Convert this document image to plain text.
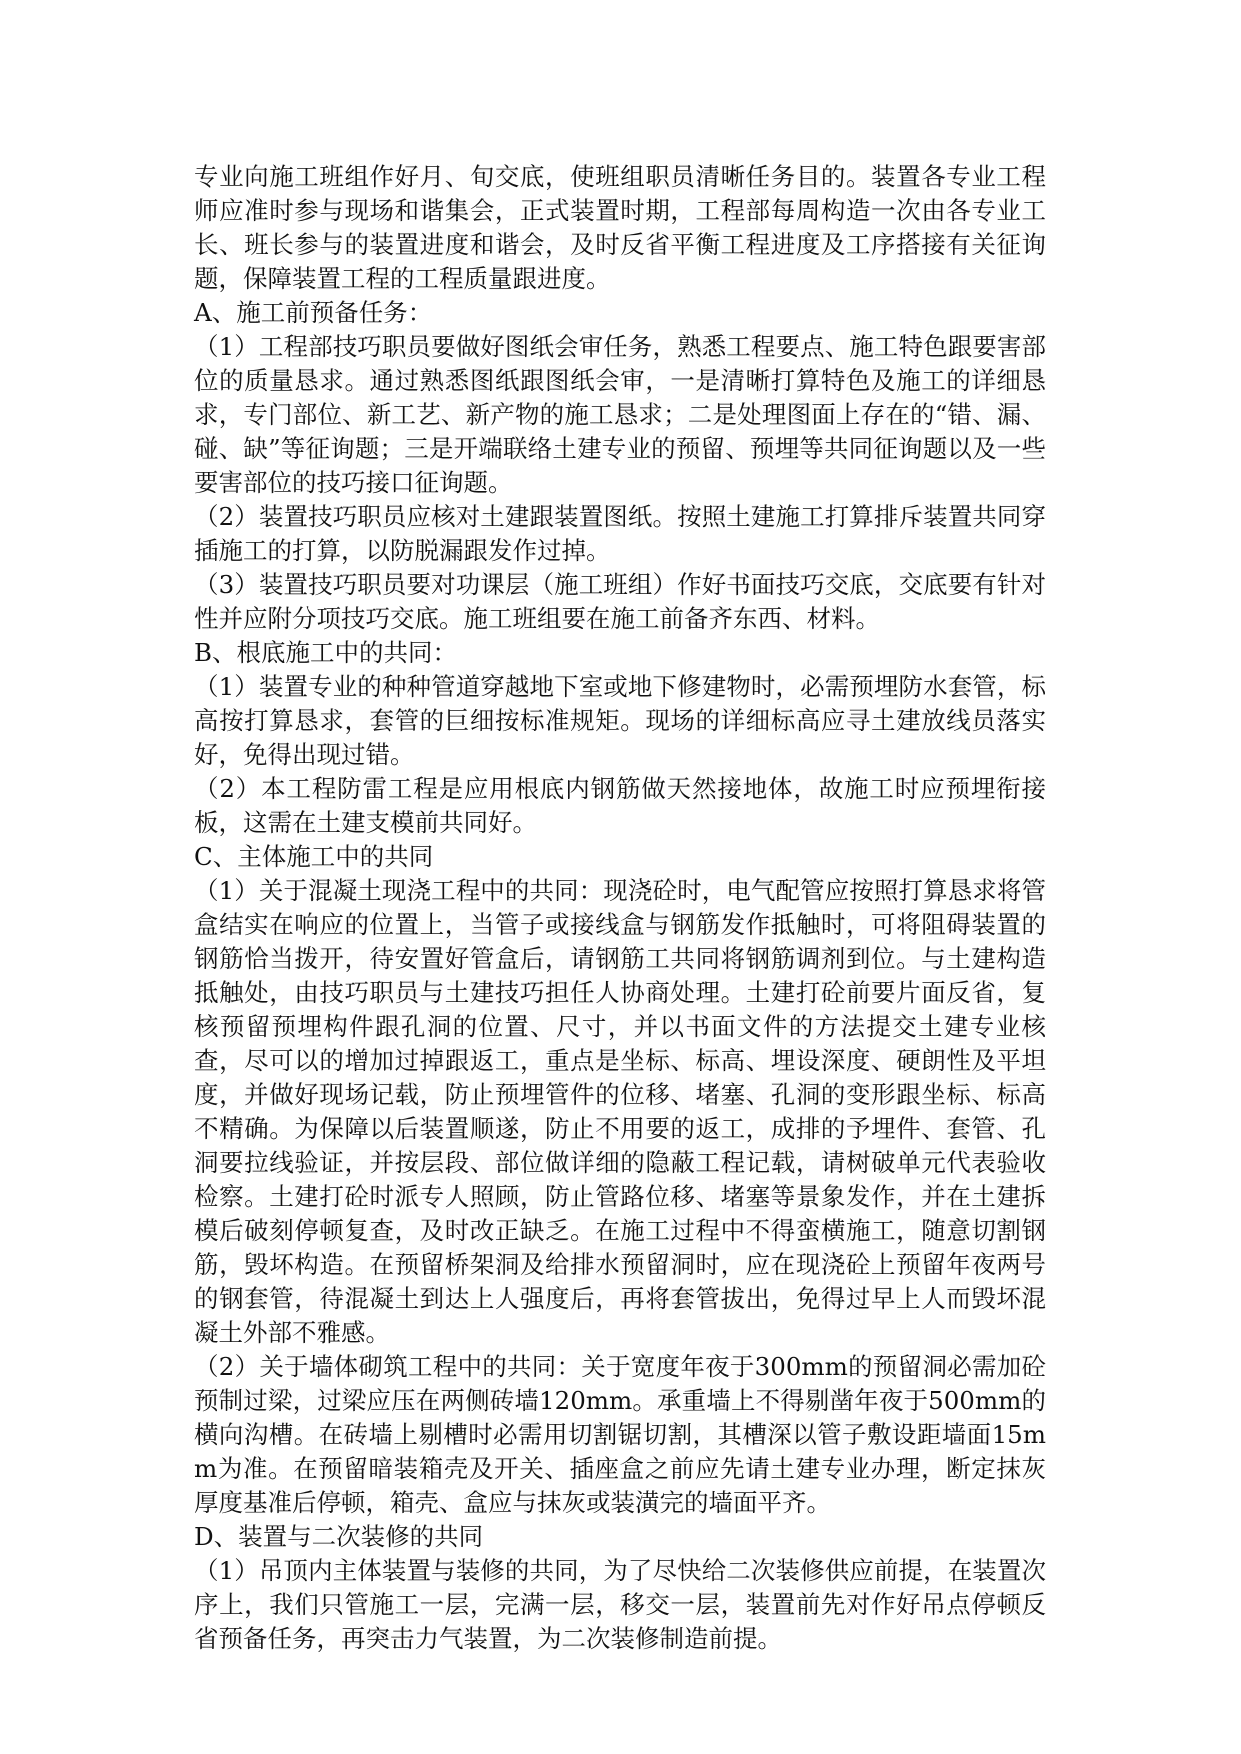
专业向施工班组作好月、旬交底，使班组职员清晰任务目的。装置各专业工程师应准时参与现场和谐集会，正式装置时期，工程部每周构造一次由各专业工长、班长参与的装置进度和谐会，及时反省平衡工程进度及工序搭接有关征询题，保障装置工程的工程质量跟进度。

A、施工前预备任务：

（1）工程部技巧职员要做好图纸会审任务，熟悉工程要点、施工特色跟要害部位的质量恳求。通过熟悉图纸跟图纸会审，一是清晰打算特色及施工的详细恳求，专门部位、新工艺、新产物的施工恳求；二是处理图面上存在的“错、漏、碰、缺”等征询题；三是开端联络土建专业的预留、预埋等共同征询题以及一些要害部位的技巧接口征询题。

（2）装置技巧职员应核对土建跟装置图纸。按照土建施工打算排斥装置共同穿插施工的打算，以防脱漏跟发作过掉。

（3）装置技巧职员要对功课层（施工班组）作好书面技巧交底，交底要有针对性并应附分项技巧交底。施工班组要在施工前备齐东西、材料。

B、根底施工中的共同：

（1）装置专业的种种管道穿越地下室或地下修建物时，必需预埋防水套管，标高按打算恳求，套管的巨细按标准规矩。现场的详细标高应寻土建放线员落实好，免得出现过错。

（2）本工程防雷工程是应用根底内钢筋做天然接地体，故施工时应预埋衔接板，这需在土建支模前共同好。

C、主体施工中的共同

（1）关于混凝土现浇工程中的共同：现浇砼时，电气配管应按照打算恳求将管盒结实在响应的位置上，当管子或接线盒与钢筋发作抵触时，可将阻碍装置的钢筋恰当拨开，待安置好管盒后，请钢筋工共同将钢筋调剂到位。与土建构造抵触处，由技巧职员与土建技巧担任人协商处理。土建打砼前要片面反省，复核预留预埋构件跟孔洞的位置、尺寸，并以书面文件的方法提交土建专业核查，尽可以的增加过掉跟返工，重点是坐标、标高、埋设深度、硬朗性及平坦度，并做好现场记载，防止预埋管件的位移、堵塞、孔洞的变形跟坐标、标高不精确。为保障以后装置顺遂，防止不用要的返工，成排的予埋件、套管、孔洞要拉线验证，并按层段、部位做详细的隐蔽工程记载，请树破单元代表验收检察。土建打砼时派专人照顾，防止管路位移、堵塞等景象发作，并在土建拆模后破刻停顿复查，及时改正缺乏。在施工过程中不得蛮横施工，随意切割钢筋，毁坏构造。在预留桥架洞及给排水预留洞时，应在现浇砼上预留年夜两号的钢套管，待混凝土到达上人强度后，再将套管拔出，免得过早上人而毁坏混凝土外部不雅感。

（2）关于墙体砌筑工程中的共同：关于宽度年夜于300mm的预留洞必需加砼预制过梁，过梁应压在两侧砖墙120mm。承重墙上不得剔凿年夜于500mm的横向沟槽。在砖墙上剔槽时必需用切割锯切割，其槽深以管子敷设距墙面15mm为准。在预留暗装箱壳及开关、插座盒之前应先请土建专业办理，断定抹灰厚度基准后停顿，箱壳、盒应与抹灰或装潢完的墙面平齐。

D、装置与二次装修的共同

（1）吊顶内主体装置与装修的共同，为了尽快给二次装修供应前提，在装置次序上，我们只管施工一层，完满一层，移交一层，装置前先对作好吊点停顿反省预备任务，再突击力气装置，为二次装修制造前提。
